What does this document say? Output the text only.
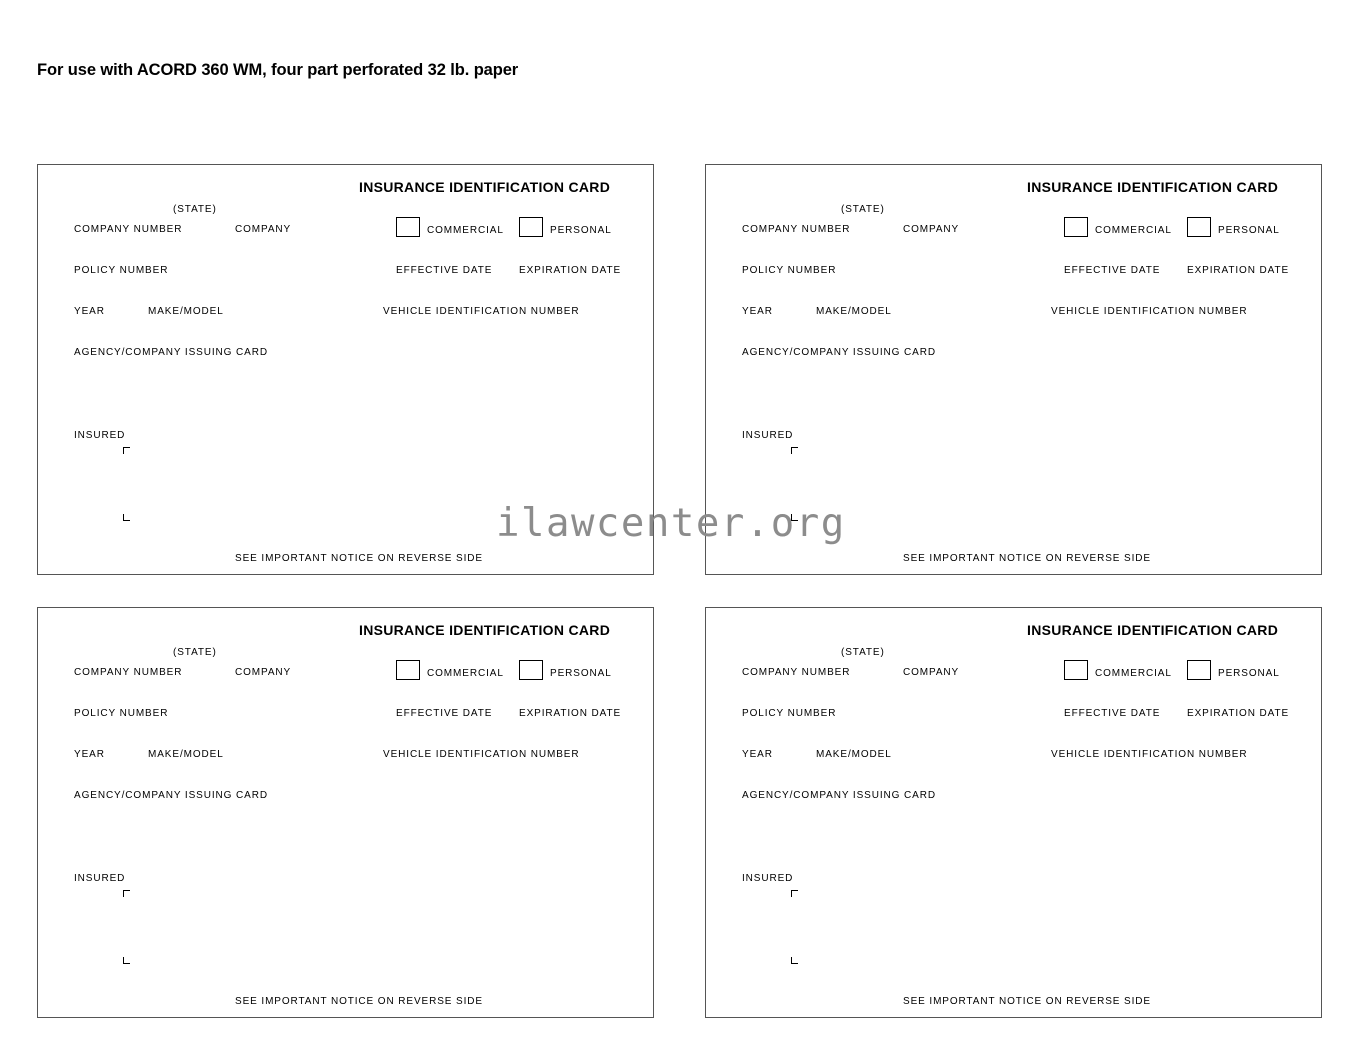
For use with ACORD 360 WM, four part perforated 32 lb. paper
INSURANCE IDENTIFICATION CARD
(STATE)
COMPANY NUMBER	COMPANY	COMMERCIAL	PERSONAL
POLICY NUMBER	EFFECTIVE DATE	EXPIRATION DATE
YEAR	MAKE/MODEL	VEHICLE IDENTIFICATION NUMBER
AGENCY/COMPANY ISSUING CARD
INSURED
SEE IMPORTANT NOTICE ON REVERSE SIDE
INSURANCE IDENTIFICATION CARD
(STATE)
COMPANY NUMBER	COMPANY	COMMERCIAL	PERSONAL
POLICY NUMBER	EFFECTIVE DATE	EXPIRATION DATE
YEAR	MAKE/MODEL	VEHICLE IDENTIFICATION NUMBER
AGENCY/COMPANY ISSUING CARD
INSURED
SEE IMPORTANT NOTICE ON REVERSE SIDE
INSURANCE IDENTIFICATION CARD
(STATE)
COMPANY NUMBER	COMPANY	COMMERCIAL	PERSONAL
POLICY NUMBER	EFFECTIVE DATE	EXPIRATION DATE
YEAR	MAKE/MODEL	VEHICLE IDENTIFICATION NUMBER
AGENCY/COMPANY ISSUING CARD
INSURED
SEE IMPORTANT NOTICE ON REVERSE SIDE
INSURANCE IDENTIFICATION CARD
(STATE)
COMPANY NUMBER	COMPANY	COMMERCIAL	PERSONAL
POLICY NUMBER	EFFECTIVE DATE	EXPIRATION DATE
YEAR	MAKE/MODEL	VEHICLE IDENTIFICATION NUMBER
AGENCY/COMPANY ISSUING CARD
INSURED
SEE IMPORTANT NOTICE ON REVERSE SIDE
ilawcenter.org
